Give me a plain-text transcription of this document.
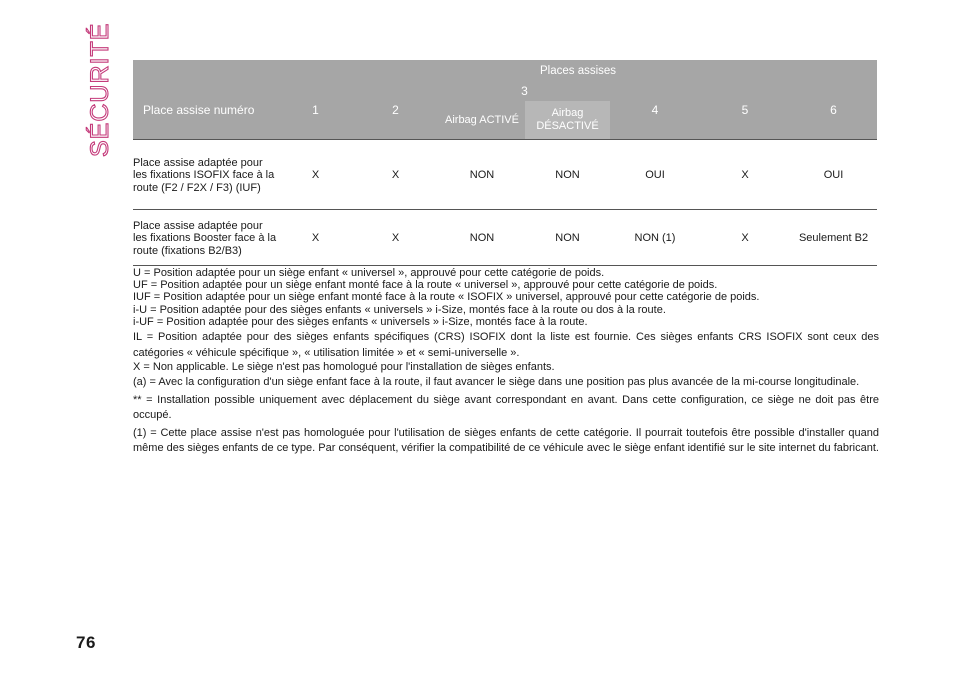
SÉCURITÉ
		Places assises						
Place assise numéro	1	2	3		4	5	6
			Airbag ACTIVÉ	Airbag DÉSACTIVÉ			
Place assise adaptée pour les fixations ISOFIX face à la route (F2 / F2X / F3) (IUF)	X	X	NON	NON	OUI	X	OUI
Place assise adaptée pour les fixations Booster face à la route (fixations B2/B3)	X	X	NON	NON	NON (1)	X	Seulement B2

U = Position adaptée pour un siège enfant « universel », approuvé pour cette catégorie de poids.

UF = Position adaptée pour un siège enfant monté face à la route « universel », approuvé pour cette catégorie de poids.

IUF = Position adaptée pour un siège enfant monté face à la route « ISOFIX » universel, approuvé pour cette catégorie de poids.

i-U = Position adaptée pour des sièges enfants « universels » i-Size, montés face à la route ou dos à la route.

i-UF = Position adaptée pour des sièges enfants « universels » i-Size, montés face à la route.

IL = Position adaptée pour des sièges enfants spécifiques (CRS) ISOFIX dont la liste est fournie. Ces sièges enfants CRS ISOFIX sont ceux des catégories « véhicule spécifique », « utilisation limitée » et « semi-universelle ».

X = Non applicable. Le siège n'est pas homologué pour l'installation de sièges enfants.

(a) = Avec la configuration d'un siège enfant face à la route, il faut avancer le siège dans une position pas plus avancée de la mi-course longitudinale.

** = Installation possible uniquement avec déplacement du siège avant correspondant en avant. Dans cette configuration, ce siège ne doit pas être occupé.

(1) = Cette place assise n'est pas homologuée pour l'utilisation de sièges enfants de cette catégorie. Il pourrait toutefois être possible d'installer quand même des sièges enfants de ce type. Par conséquent, vérifier la compatibilité de ce véhicule avec le siège enfant identifié sur le site internet du fabricant.

76
